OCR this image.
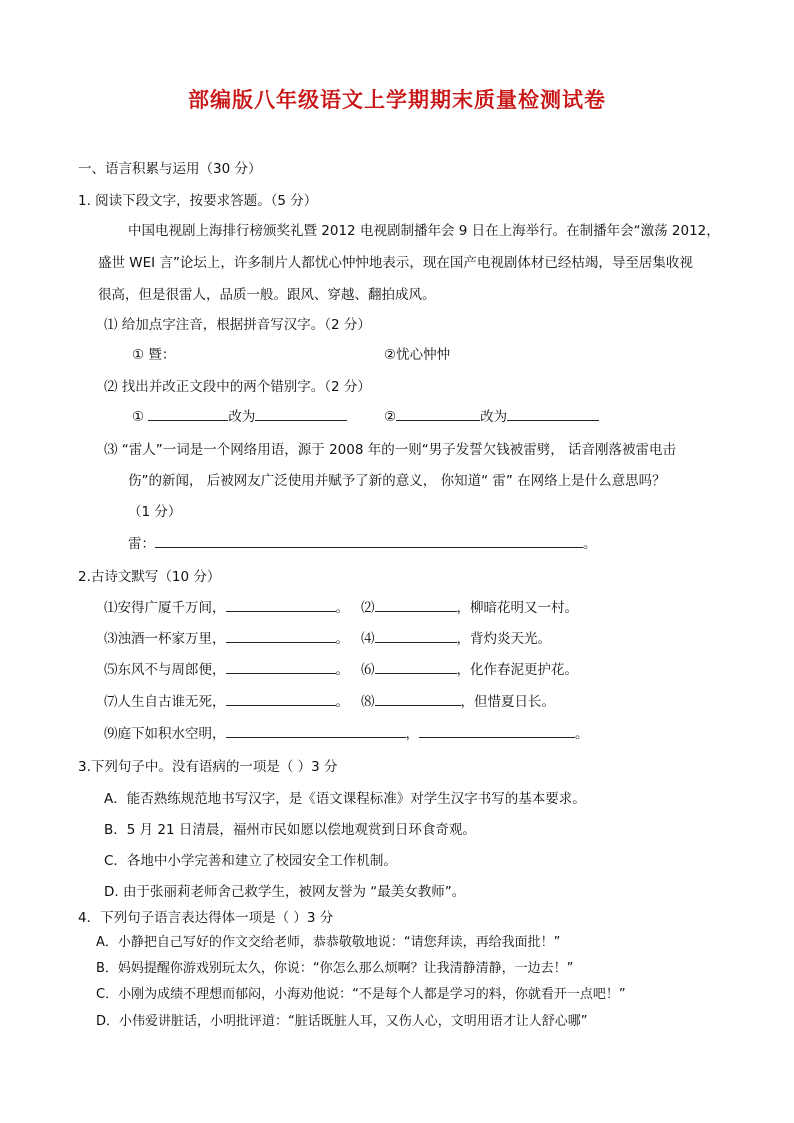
部编版八年级语文上学期期末质量检测试卷
一、语言积累与运用（30 分）
1. 阅读下段文字，按要求答题。（5 分）
中国电视剧上海排行榜颁奖礼暨 2012 电视剧制播年会 9 日在上海举行。在制播年会“激荡 2012，
盛世 WEI 言”论坛上，许多制片人都忧心忡忡地表示，现在国产电视剧体材已经枯竭，导至居集收视
很高，但是很雷人，品质一般。跟风、穿越、翻拍成风。
⑴ 给加点字注音，根据拼音写汉字。（2 分）
① 暨：	②忧心忡忡
⑵ 找出并改正文段中的两个错别字。（2 分）
①	改为	②	改为
⑶ “雷人”一词是一个网络用语，源于 2008 年的一则“男子发誓欠钱被雷劈， 话音刚落被雷电击
伤”的新闻， 后被网友广泛使用并赋予了新的意义， 你知道“ 雷” 在网络上是什么意思吗？
（1 分）
雷：	。
2.古诗文默写（10 分）
⑴安得广厦千万间，	。 ⑵	，柳暗花明又一村。
⑶浊酒一杯家万里，	。 ⑷	，背灼炎天光。
⑸东风不与周郎便，	。 ⑹	，化作春泥更护花。
⑺人生自古谁无死，	。 ⑻	，但惜夏日长。
⑼庭下如积水空明，	，	。
3.下列句子中。没有语病的一项是（ ）3 分
A．能否熟练规范地书写汉字，是《语文课程标准》对学生汉字书写的基本要求。
B．5 月 21 日清晨，福州市民如愿以偿地观赏到日环食奇观。
C．各地中小学完善和建立了校园安全工作机制。
D. 由于张丽莉老师舍己救学生，被网友誉为 “最美女教师”。
4．下列句子语言表达得体一项是（ ）3 分
A．小静把自己写好的作文交给老师，恭恭敬敬地说：“请您拜读，再给我面批！”
B．妈妈提醒你游戏别玩太久，你说：“你怎么那么烦啊？让我清静清静，一边去！”
C．小刚为成绩不理想而郁闷，小海劝他说：“不是每个人都是学习的料，你就看开一点吧！”
D．小伟爱讲脏话，小明批评道：“脏话既脏人耳，又伤人心，文明用语才让人舒心哪”
